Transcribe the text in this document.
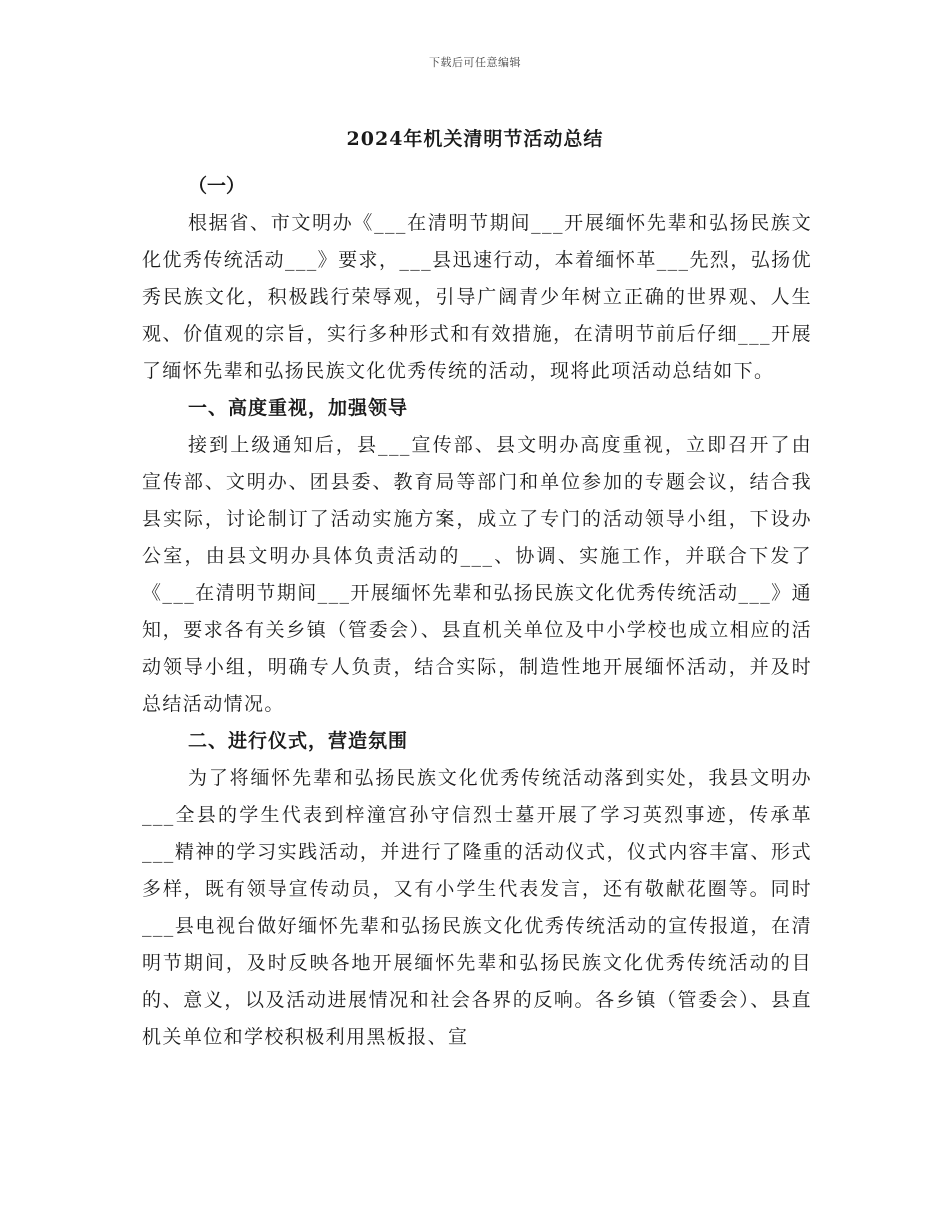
下载后可任意编辑
2024年机关清明节活动总结
（一）

根据省、市文明办《___在清明节期间___开展缅怀先辈和弘扬民族文化优秀传统活动___》要求，___县迅速行动，本着缅怀革___先烈，弘扬优秀民族文化，积极践行荣辱观，引导广阔青少年树立正确的世界观、人生观、价值观的宗旨，实行多种形式和有效措施，在清明节前后仔细___开展了缅怀先辈和弘扬民族文化优秀传统的活动，现将此项活动总结如下。

一、高度重视，加强领导

接到上级通知后，县___宣传部、县文明办高度重视，立即召开了由宣传部、文明办、团县委、教育局等部门和单位参加的专题会议，结合我县实际，讨论制订了活动实施方案，成立了专门的活动领导小组，下设办公室，由县文明办具体负责活动的___、协调、实施工作，并联合下发了《___在清明节期间___开展缅怀先辈和弘扬民族文化优秀传统活动___》通知，要求各有关乡镇（管委会）、县直机关单位及中小学校也成立相应的活动领导小组，明确专人负责，结合实际，制造性地开展缅怀活动，并及时总结活动情况。

二、进行仪式，营造氛围

为了将缅怀先辈和弘扬民族文化优秀传统活动落到实处，我县文明办___全县的学生代表到梓潼宫孙守信烈士墓开展了学习英烈事迹，传承革___精神的学习实践活动，并进行了隆重的活动仪式，仪式内容丰富、形式多样，既有领导宣传动员，又有小学生代表发言，还有敬献花圈等。同时___县电视台做好缅怀先辈和弘扬民族文化优秀传统活动的宣传报道，在清明节期间，及时反映各地开展缅怀先辈和弘扬民族文化优秀传统活动的目的、意义，以及活动进展情况和社会各界的反响。各乡镇（管委会）、县直机关单位和学校积极利用黑板报、宣
